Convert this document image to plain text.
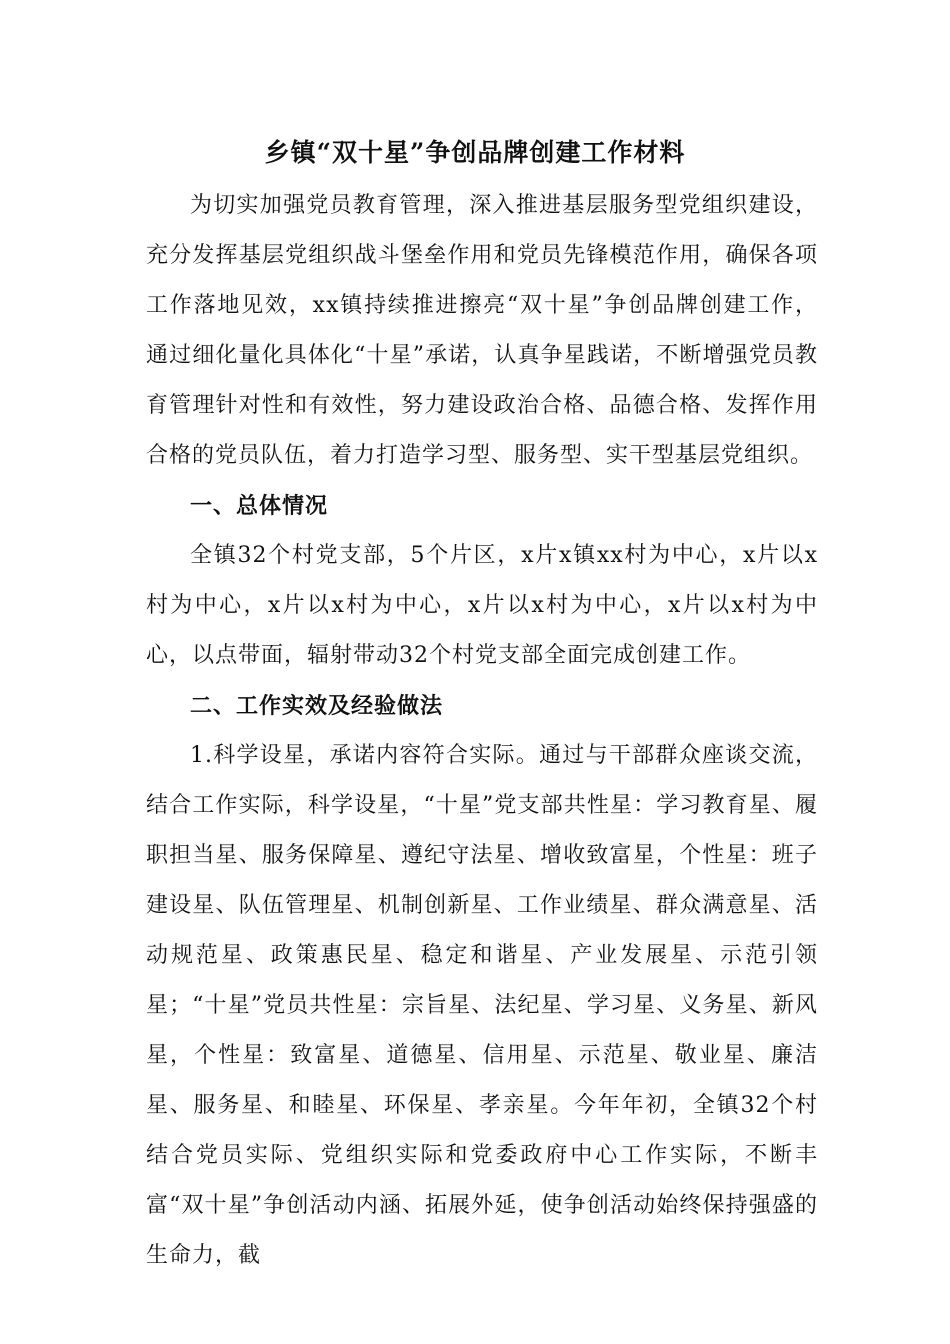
乡镇“双十星”争创品牌创建工作材料

为切实加强党员教育管理，深入推进基层服务型党组织建设，充分发挥基层党组织战斗堡垒作用和党员先锋模范作用，确保各项工作落地见效，xx镇持续推进擦亮“双十星”争创品牌创建工作，通过细化量化具体化“十星”承诺，认真争星践诺，不断增强党员教育管理针对性和有效性，努力建设政治合格、品德合格、发挥作用合格的党员队伍，着力打造学习型、服务型、实干型基层党组织。

一、总体情况

全镇32个村党支部，5个片区，x片x镇xx村为中心，x片以x村为中心，x片以x村为中心，x片以x村为中心，x片以x村为中心，以点带面，辐射带动32个村党支部全面完成创建工作。

二、工作实效及经验做法

1.科学设星，承诺内容符合实际。通过与干部群众座谈交流，结合工作实际，科学设星，“十星”党支部共性星：学习教育星、履职担当星、服务保障星、遵纪守法星、增收致富星，个性星：班子建设星、队伍管理星、机制创新星、工作业绩星、群众满意星、活动规范星、政策惠民星、稳定和谐星、产业发展星、示范引领星；“十星”党员共性星：宗旨星、法纪星、学习星、义务星、新风星，个性星：致富星、道德星、信用星、示范星、敬业星、廉洁星、服务星、和睦星、环保星、孝亲星。今年年初，全镇32个村结合党员实际、党组织实际和党委政府中心工作实际，不断丰富“双十星”争创活动内涵、拓展外延，使争创活动始终保持强盛的生命力，截
